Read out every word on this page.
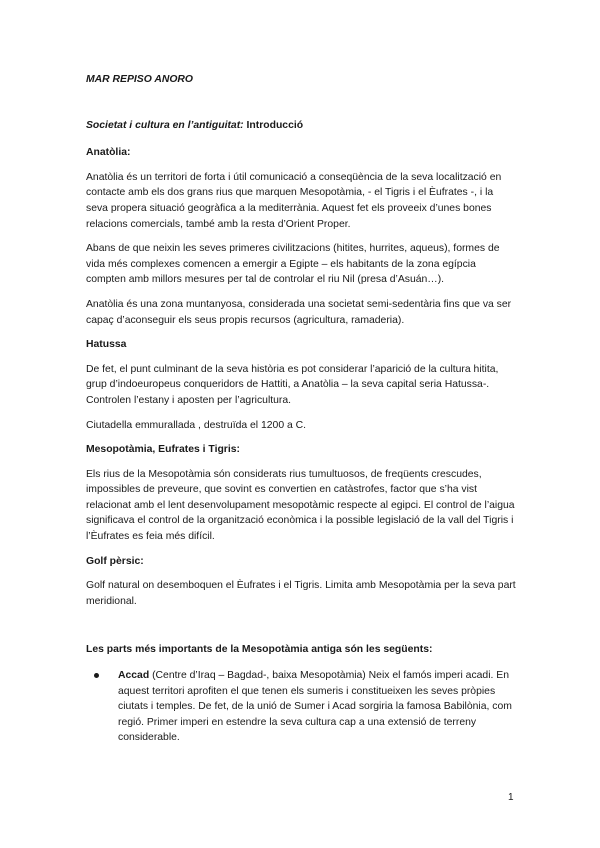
MAR REPISO ANORO

Societat i cultura en l’antiguitat: Introducció

Anatòlia:

Anatòlia és un territori de forta i útil comunicació a conseqüència de la seva localització en contacte amb els dos grans rius que marquen Mesopotàmia, - el Tigris i el Èufrates -, i la seva propera situació geogràfica a la mediterrània. Aquest fet els proveeix d’unes bones relacions comercials, també amb la resta d’Orient Proper.

Abans de que neixin les seves primeres civilitzacions (hitites, hurrites, aqueus), formes de vida més complexes comencen a emergir a Egipte – els habitants de la zona egípcia compten amb millors mesures per tal de controlar el riu Nil (presa d’Asuán…).

Anatòlia és una zona muntanyosa, considerada una societat semi-sedentària fins que va ser capaç d’aconseguir els seus propis recursos (agricultura, ramaderia).

Hatussa

De fet, el punt culminant de la seva història es pot considerar l’aparició de la cultura hitita, grup d’indoeuropeus conqueridors de Hattiti, a Anatòlia – la seva capital seria Hatussa-. Controlen l’estany i aposten per l’agricultura.

Ciutadella emmurallada , destruïda el 1200 a C.

Mesopotàmia, Eufrates i Tigris:

Els rius de la Mesopotàmia són considerats rius tumultuosos, de freqüents crescudes, impossibles de preveure, que sovint es convertien en catàstrofes, factor que s’ha vist relacionat amb el lent desenvolupament mesopotàmic respecte al egipci. El control de l’aigua significava el control de la organització econòmica i la possible legislació de la vall del Tigris i l’Èufrates es feia més difícil.

Golf pèrsic:

Golf natural on desemboquen el Èufrates i el Tigris. Limita amb Mesopotàmia per la seva part meridional.

Les parts més importants de la Mesopotàmia antiga són les següents:

Accad (Centre d’Iraq – Bagdad-, baixa Mesopotàmia) Neix el famós imperi acadi. En aquest territori aprofiten el que tenen els sumeris i constitueixen les seves pròpies ciutats i temples. De fet, de la unió de Sumer i Acad sorgiria la famosa Babilònia, com regió. Primer imperi en estendre la seva cultura cap a una extensió de terreny considerable.
1
